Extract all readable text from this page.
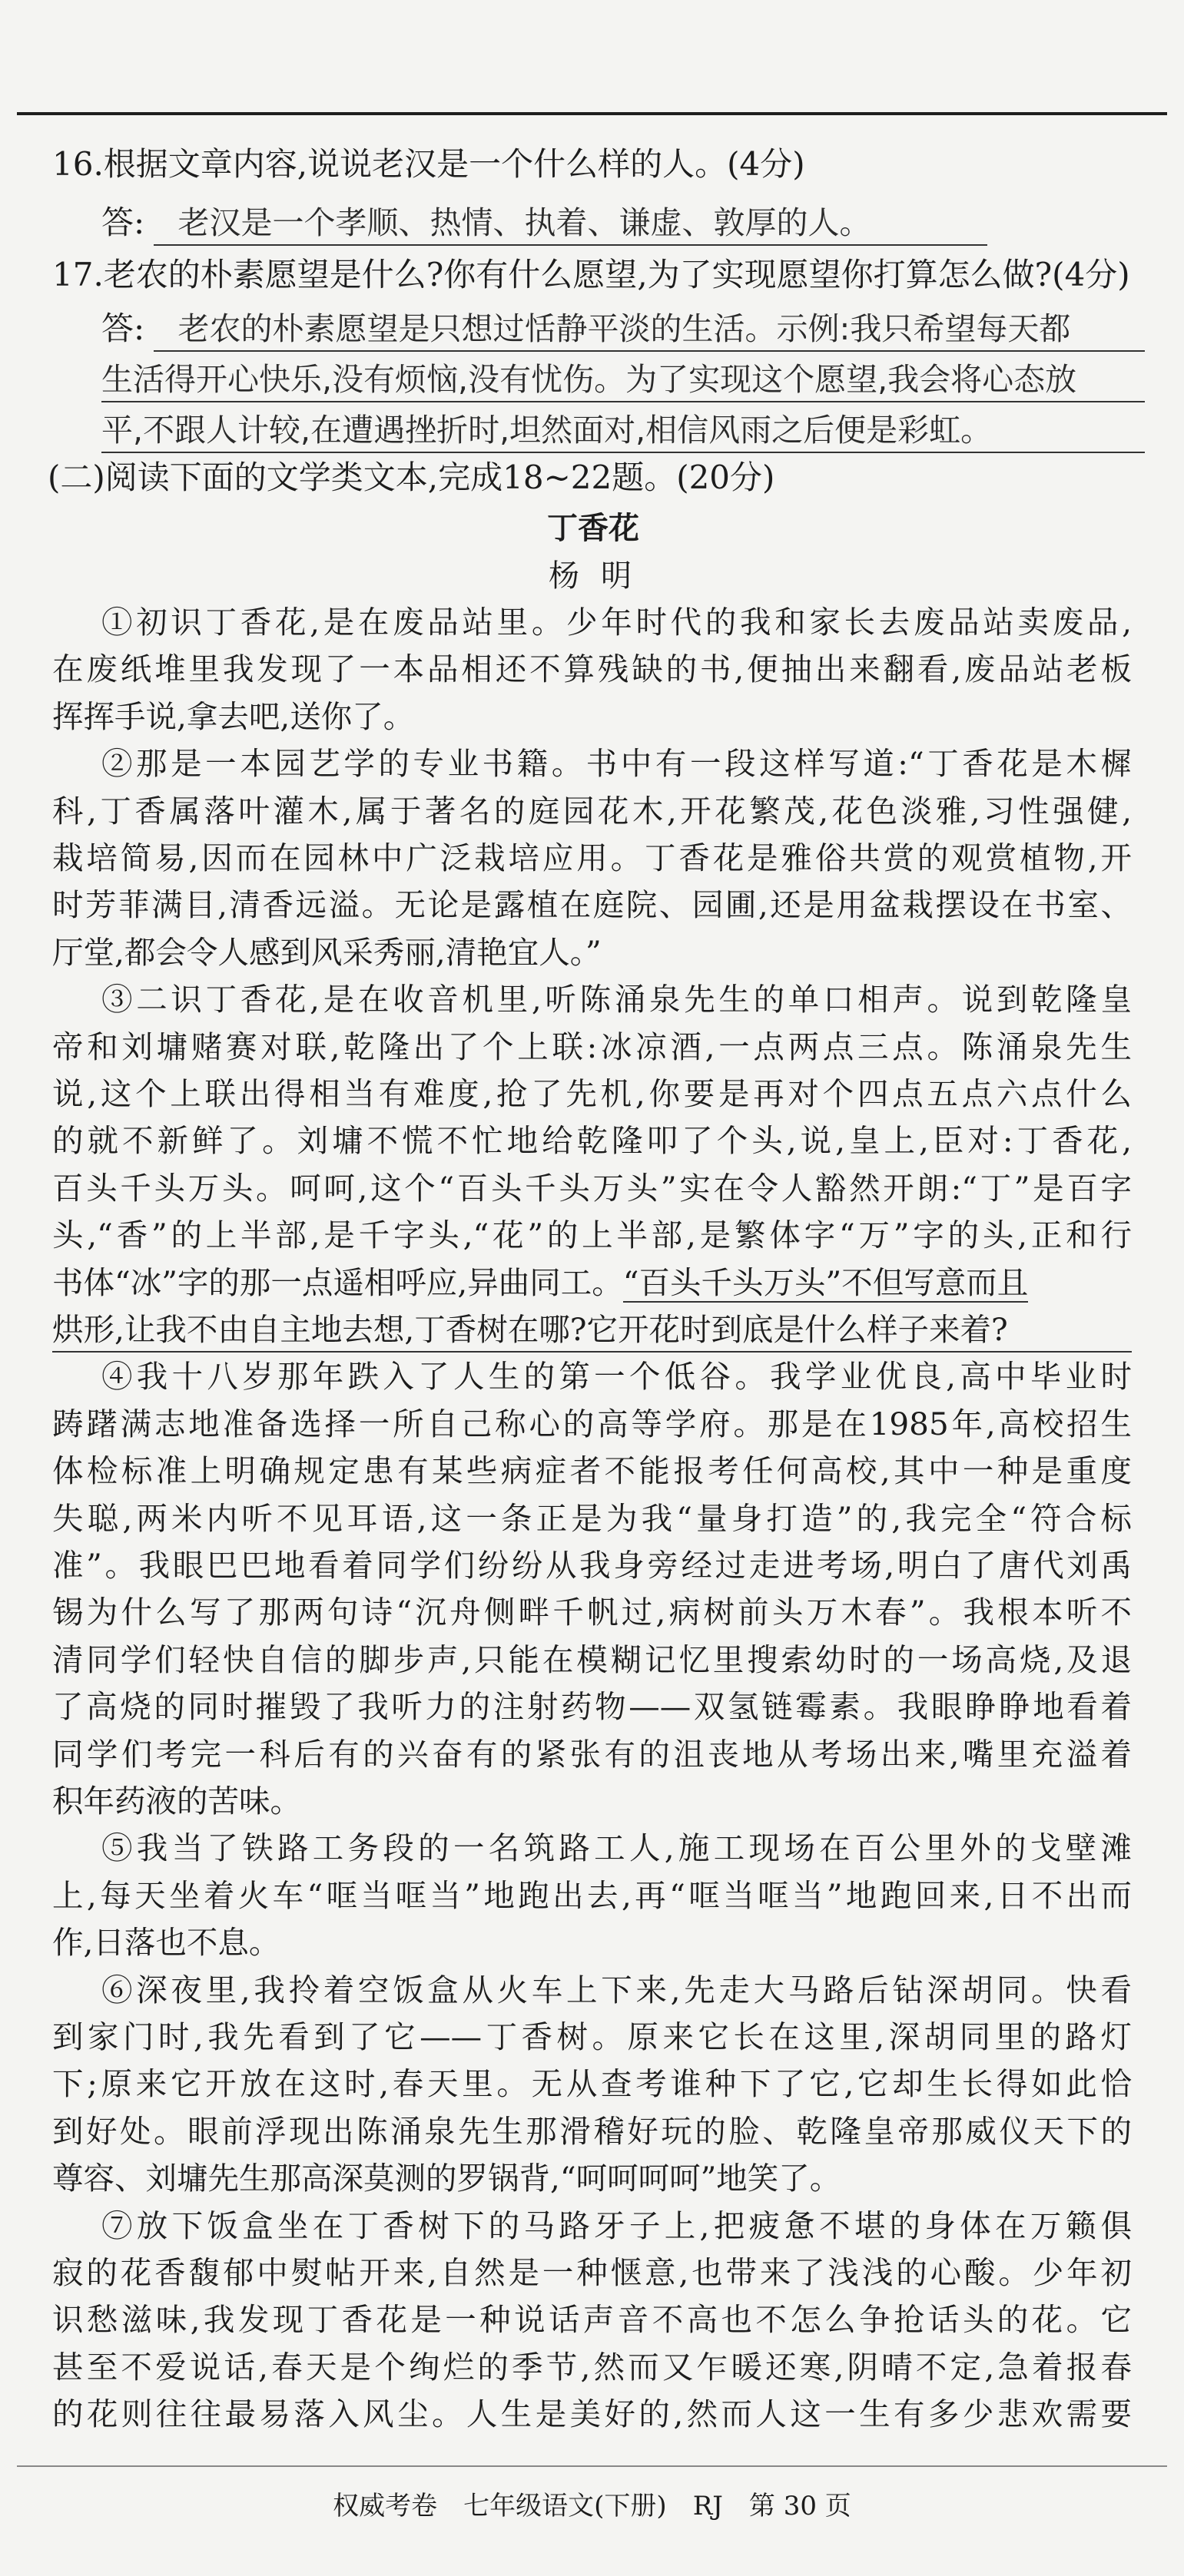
16.根据文章内容,说说老汉是一个什么样的人。(4分)
答: 老汉是一个孝顺、热情、执着、谦虚、敦厚的人。
17.老农的朴素愿望是什么?你有什么愿望,为了实现愿望你打算怎么做?(4分)
答: 老农的朴素愿望是只想过恬静平淡的生活。示例:我只希望每天都
生活得开心快乐,没有烦恼,没有忧伤。为了实现这个愿望,我会将心态放
平,不跟人计较,在遭遇挫折时,坦然面对,相信风雨之后便是彩虹。
(二)阅读下面的文学类文本,完成18~22题。(20分)
丁香花
杨明
①初识丁香花,是在废品站里。少年时代的我和家长去废品站卖废品,
在废纸堆里我发现了一本品相还不算残缺的书,便抽出来翻看,废品站老板
挥挥手说,拿去吧,送你了。
②那是一本园艺学的专业书籍。书中有一段这样写道:“丁香花是木樨
科,丁香属落叶灌木,属于著名的庭园花木,开花繁茂,花色淡雅,习性强健,
栽培简易,因而在园林中广泛栽培应用。丁香花是雅俗共赏的观赏植物,开
时芳菲满目,清香远溢。无论是露植在庭院、园圃,还是用盆栽摆设在书室、
厅堂,都会令人感到风采秀丽,清艳宜人。”
③二识丁香花,是在收音机里,听陈涌泉先生的单口相声。说到乾隆皇
帝和刘墉赌赛对联,乾隆出了个上联:冰凉酒,一点两点三点。陈涌泉先生
说,这个上联出得相当有难度,抢了先机,你要是再对个四点五点六点什么
的就不新鲜了。刘墉不慌不忙地给乾隆叩了个头,说,皇上,臣对:丁香花,
百头千头万头。呵呵,这个“百头千头万头”实在令人豁然开朗:“丁”是百字
头,“香”的上半部,是千字头,“花”的上半部,是繁体字“万”字的头,正和行
书体“冰”字的那一点遥相呼应,异曲同工。“百头千头万头”不但写意而且
烘形,让我不由自主地去想,丁香树在哪?它开花时到底是什么样子来着?
④我十八岁那年跌入了人生的第一个低谷。我学业优良,高中毕业时
踌躇满志地准备选择一所自己称心的高等学府。那是在1985年,高校招生
体检标准上明确规定患有某些病症者不能报考任何高校,其中一种是重度
失聪,两米内听不见耳语,这一条正是为我“量身打造”的,我完全“符合标
准”。我眼巴巴地看着同学们纷纷从我身旁经过走进考场,明白了唐代刘禹
锡为什么写了那两句诗“沉舟侧畔千帆过,病树前头万木春”。我根本听不
清同学们轻快自信的脚步声,只能在模糊记忆里搜索幼时的一场高烧,及退
了高烧的同时摧毁了我听力的注射药物——双氢链霉素。我眼睁睁地看着
同学们考完一科后有的兴奋有的紧张有的沮丧地从考场出来,嘴里充溢着
积年药液的苦味。
⑤我当了铁路工务段的一名筑路工人,施工现场在百公里外的戈壁滩
上,每天坐着火车“哐当哐当”地跑出去,再“哐当哐当”地跑回来,日不出而
作,日落也不息。
⑥深夜里,我拎着空饭盒从火车上下来,先走大马路后钻深胡同。快看
到家门时,我先看到了它——丁香树。原来它长在这里,深胡同里的路灯
下;原来它开放在这时,春天里。无从查考谁种下了它,它却生长得如此恰
到好处。眼前浮现出陈涌泉先生那滑稽好玩的脸、乾隆皇帝那威仪天下的
尊容、刘墉先生那高深莫测的罗锅背,“呵呵呵呵”地笑了。
⑦放下饭盒坐在丁香树下的马路牙子上,把疲惫不堪的身体在万籁俱
寂的花香馥郁中熨帖开来,自然是一种惬意,也带来了浅浅的心酸。少年初
识愁滋味,我发现丁香花是一种说话声音不高也不怎么争抢话头的花。它
甚至不爱说话,春天是个绚烂的季节,然而又乍暖还寒,阴晴不定,急着报春
的花则往往最易落入风尘。人生是美好的,然而人这一生有多少悲欢需要
权威考卷　七年级语文(下册)　RJ　第 30 页
